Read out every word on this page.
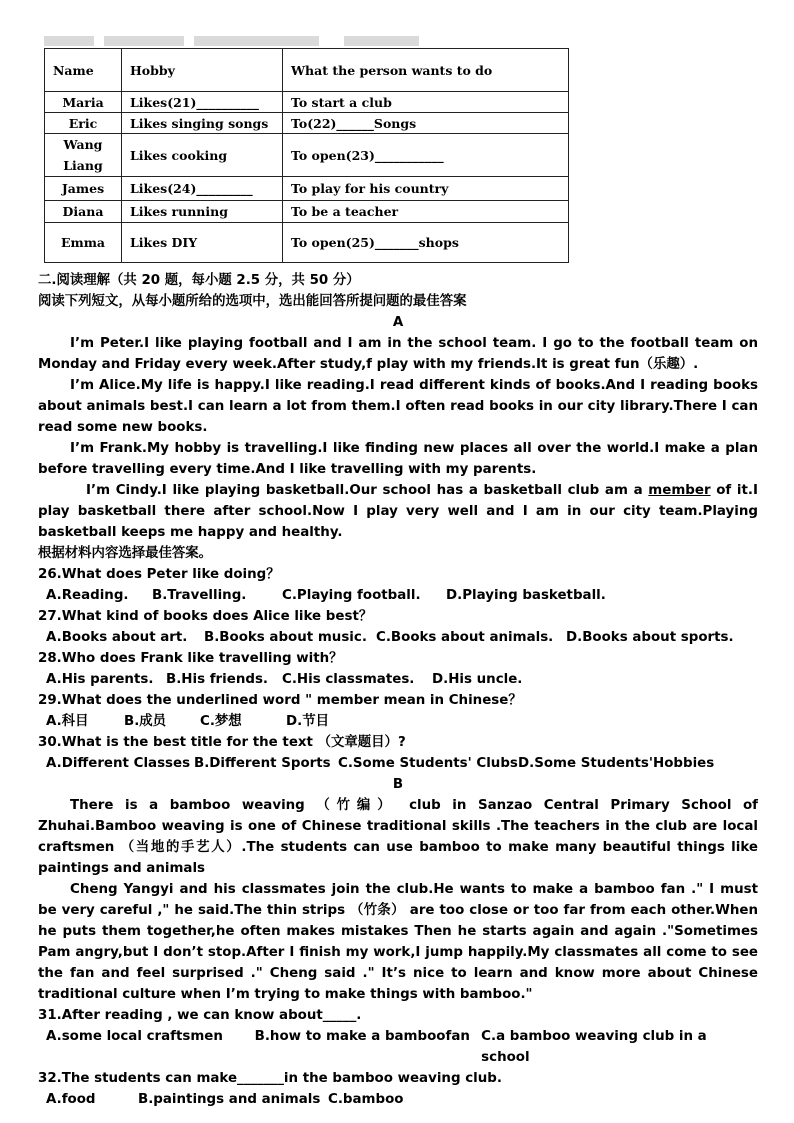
Name	Hobby	What the person wants to do
Maria	Likes(21)__________	To start a club
Eric	Likes singing songs	To(22)______Songs
Wang Liang	Likes cooking	To open(23)___________
James	Likes(24)_________	To play for his country
Diana	Likes running	To be a teacher
Emma	Likes DIY	To open(25)_______shops

二.阅读理解（共 20 题，每小题 2.5 分，共 50 分）

阅读下列短文，从每小题所给的选项中，选出能回答所提问题的最佳答案

A

I’m Peter.I like playing football and I am in the school team. I go to the football team on Monday and Friday every week.After study,f play with my friends.It is great fun（乐趣）.

I’m Alice.My life is happy.I like reading.I read different kinds of books.And I reading books about animals best.I can learn a lot from them.I often read books in our city library.There I can read some new books.

I’m Frank.My hobby is travelling.I like finding new places all over the world.I make a plan before travelling every time.And I like travelling with my parents.

I’m Cindy.I like playing basketball.Our school has a basketball club am a member of it.I play basketball there after school.Now I play very well and I am in our city team.Playing basketball keeps me happy and healthy.

根据材料内容选择最佳答案。

26.What does Peter like doing？

A.Reading.	B.Travelling.	C.Playing football.	D.Playing basketball.

27.What kind of books does Alice like best？

A.Books about art.	B.Books about music. C.Books about animals. D.Books about sports.

28.Who does Frank like travelling with？

A.His parents. B.His friends.	C.His classmates.	D.His uncle.

29.What does the underlined word " member mean in Chinese？

A.科目	B.成员	C.梦想	D.节目

30.What is the best title for the text （文章题目）?

A.Different Classes B.Different Sports C.Some Students' Clubs D.Some Students'Hobbies

B

There is a bamboo weaving （竹编） club in Sanzao Central Primary School of Zhuhai.Bamboo weaving is one of Chinese traditional skills .The teachers in the club are local craftsmen （当地的手艺人）.The students can use bamboo to make many beautiful things like paintings and animals

Cheng Yangyi and his classmates join the club.He wants to make a bamboo fan ." I must be very careful ," he said.The thin strips （竹条） are too close or too far from each other.When he puts them together,he often makes mistakes Then he starts again and again ."Sometimes Pam angry,but I don’t stop.After I finish my work,I jump happily.My classmates all come to see the fan and feel surprised ." Cheng said ." It’s nice to learn and know more about Chinese traditional culture when I’m trying to make things with bamboo."

31.After reading , we can know about_____.

A.some local craftsmen	B.how to make a bamboofan C.a bamboo weaving club in a school

32.The students can make_______in the bamboo weaving club.

A.food	B.paintings and animals C.bamboo
